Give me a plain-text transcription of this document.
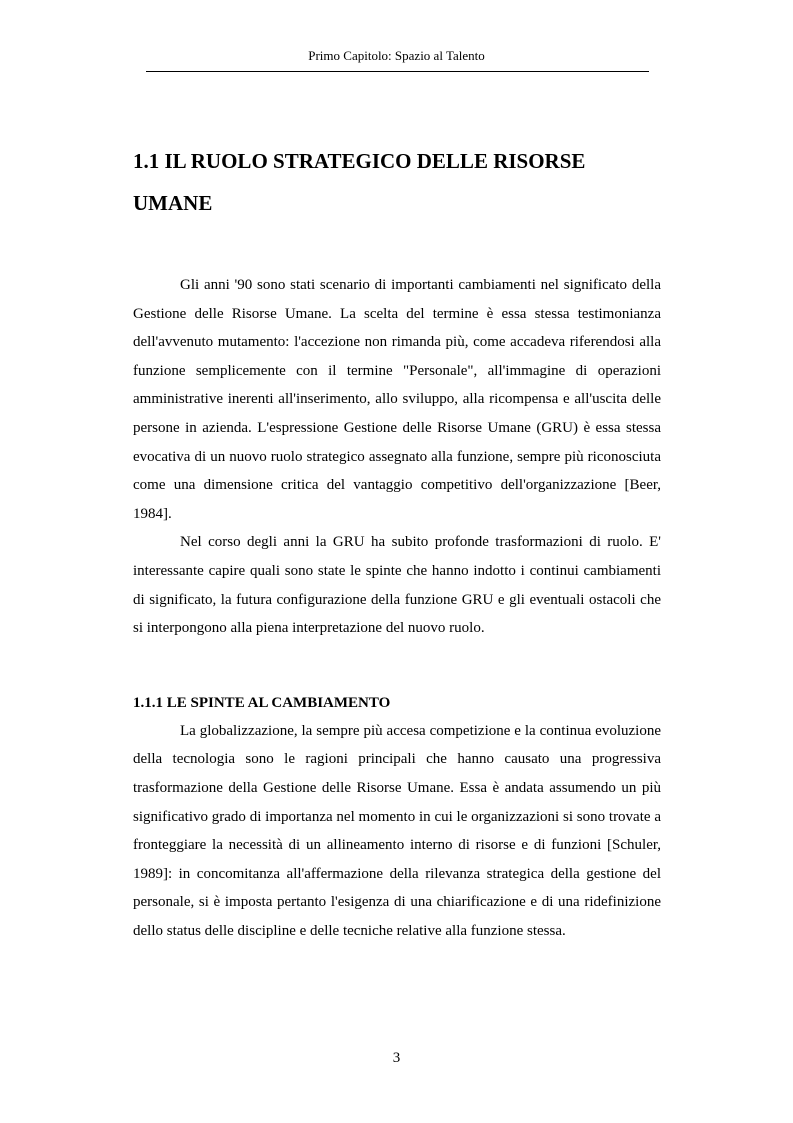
Primo Capitolo: Spazio al Talento
1.1 IL RUOLO STRATEGICO DELLE RISORSE
UMANE

Gli anni '90 sono stati scenario di importanti cambiamenti nel significato della Gestione delle Risorse Umane. La scelta del termine è essa stessa testimonianza dell'avvenuto mutamento: l'accezione non rimanda più, come accadeva riferendosi alla funzione semplicemente con il termine "Personale", all'immagine di operazioni amministrative inerenti all'inserimento, allo sviluppo, alla ricompensa e all'uscita delle persone in azienda. L'espressione Gestione delle Risorse Umane (GRU) è essa stessa evocativa di un nuovo ruolo strategico assegnato alla funzione, sempre più riconosciuta come una dimensione critica del vantaggio competitivo dell'organizzazione [Beer, 1984].

Nel corso degli anni la GRU ha subito profonde trasformazioni di ruolo. E' interessante capire quali sono state le spinte che hanno indotto i continui cambiamenti di significato, la futura configurazione della funzione GRU e gli eventuali ostacoli che si interpongono alla piena interpretazione del nuovo ruolo.

1.1.1 LE SPINTE AL CAMBIAMENTO

La globalizzazione, la sempre più accesa competizione e la continua evoluzione della tecnologia sono le ragioni principali che hanno causato una progressiva trasformazione della Gestione delle Risorse Umane. Essa è andata assumendo un più significativo grado di importanza nel momento in cui le organizzazioni si sono trovate a fronteggiare la necessità di un allineamento interno di risorse e di funzioni [Schuler, 1989]: in concomitanza all'affermazione della rilevanza strategica della gestione del personale, si è imposta pertanto l'esigenza di una chiarificazione e di una ridefinizione dello status delle discipline e delle tecniche relative alla funzione stessa.

3
